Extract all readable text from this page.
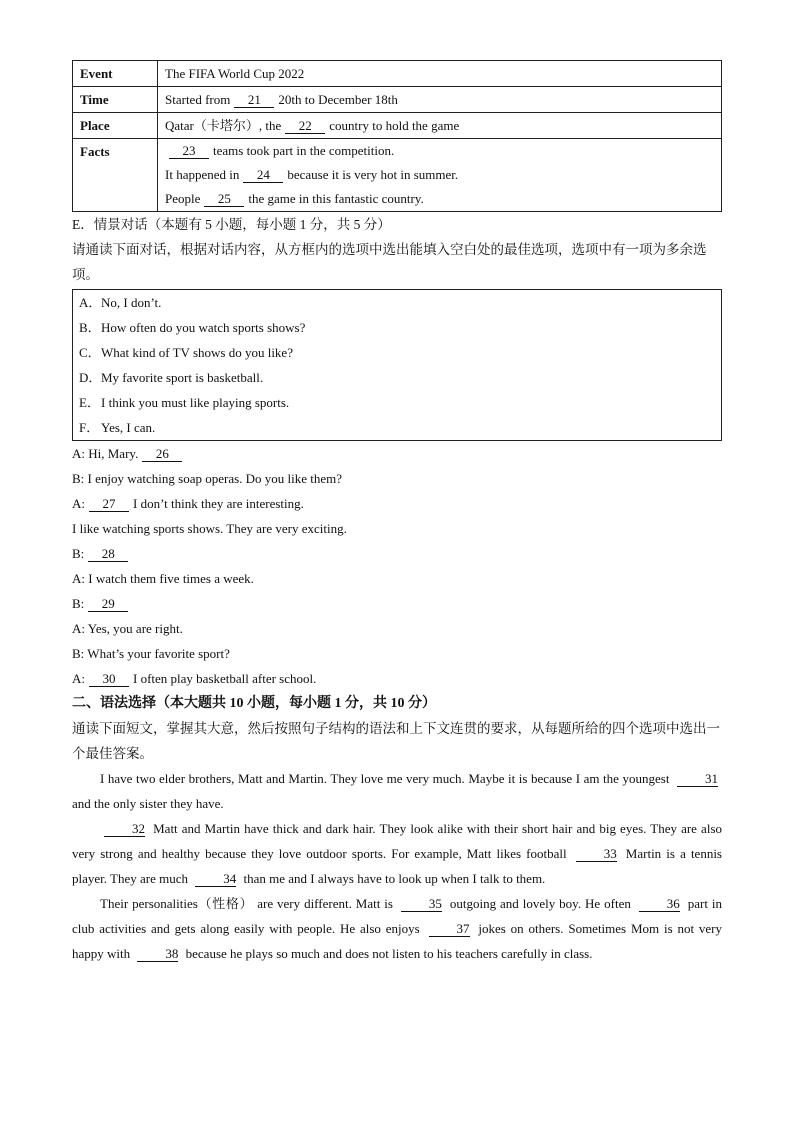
Event	The FIFA World Cup 2022
Time	Started from 21 20th to December 18th
Place	Qatar（卡塔尔）, the 22 country to hold the game
Facts	23 teams took part in the competition.
It happened in 24 because it is very hot in summer.
People 25 the game in this fantastic country.
E．情景对话（本题有 5 小题，每小题 1 分，共 5 分）
请通读下面对话，根据对话内容，从方框内的选项中选出能填入空白处的最佳选项，选项中有一项为多余选项。
A．No, I don’t.
B．How often do you watch sports shows?
C．What kind of TV shows do you like?
D．My favorite sport is basketball.
E．I think you must like playing sports.
F． Yes, I can.
A: Hi, Mary. 26
B: I enjoy watching soap operas. Do you like them?
A: 27 I don’t think they are interesting.
I like watching sports shows. They are very exciting.
B: 28
A: I watch them five times a week.
B: 29
A: Yes, you are right.
B: What’s your favorite sport?
A: 30 I often play basketball after school.
二、语法选择（本大题共 10 小题，每小题 1 分，共 10 分）
通读下面短文，掌握其大意，然后按照句子结构的语法和上下文连贯的要求，从每题所给的四个选项中选出一个最佳答案。
I have two elder brothers, Matt and Martin. They love me very much. Maybe it is because I am the youngest	31 and the only sister they have.
32 Matt and Martin have thick and dark hair. They look alike with their short hair and big eyes. They are also very strong and healthy because they love outdoor sports. For example, Matt likes football	33 Martin is a tennis player. They are much	34 than me and I always have to look up when I talk to them.
Their personalities（性格） are very different. Matt is	35 outgoing and lovely boy. He often	36 part in club activities and gets along easily with people. He also enjoys	37 jokes on others. Sometimes Mom is not very happy with	38 because he plays so much and does not listen to his teachers carefully in class.
